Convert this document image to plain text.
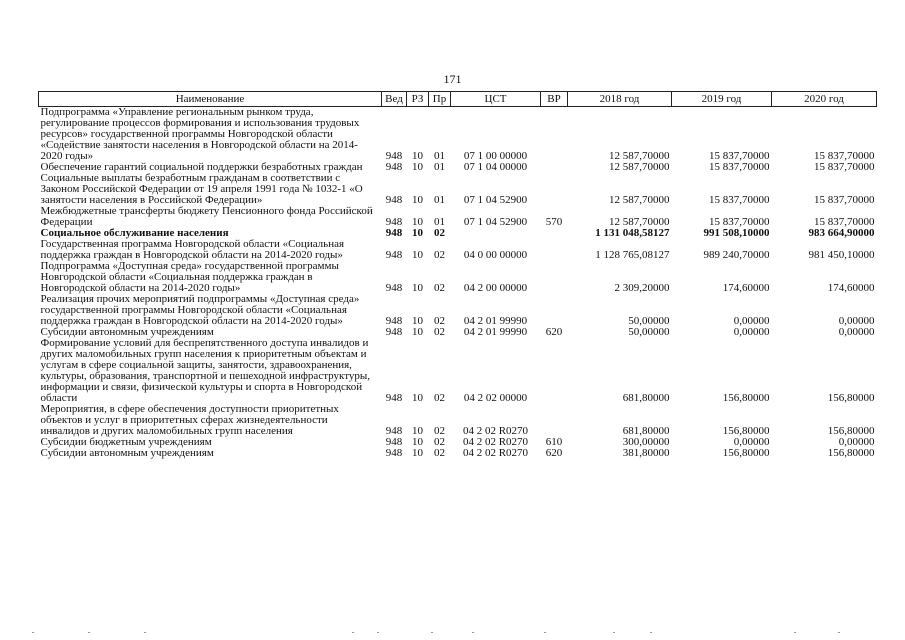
171
Наименование	Вед	РЗ	Пр	ЦСТ	ВР	2018 год	2019 год	2020 год
Подпрограмма «Управление региональным рынком труда, регулирование процессов формирования и использования трудовых ресурсов» государственной программы Новгородской области «Содействие занятости населения в Новгородской области на 2014-2020 годы»	948	10	01	07 1 00 00000		12 587,70000	15 837,70000	15 837,70000
Обеспечение гарантий социальной поддержки безработных граждан	948	10	01	07 1 04 00000		12 587,70000	15 837,70000	15 837,70000
Социальные выплаты безработным гражданам в соответствии с Законом Российской Федерации от 19 апреля 1991 года № 1032-1 «О занятости населения в Российской Федерации»	948	10	01	07 1 04 52900		12 587,70000	15 837,70000	15 837,70000
Межбюджетные трансферты бюджету Пенсионного фонда Российской Федерации	948	10	01	07 1 04 52900	570	12 587,70000	15 837,70000	15 837,70000
Социальное обслуживание населения	948	10	02			1 131 048,58127	991 508,10000	983 664,90000
Государственная программа Новгородской области «Социальная поддержка граждан в Новгородской области на 2014-2020 годы»	948	10	02	04 0 00 00000		1 128 765,08127	989 240,70000	981 450,10000
Подпрограмма «Доступная среда» государственной программы Новгородской области «Социальная поддержка граждан в Новгородской области на 2014-2020 годы»	948	10	02	04 2 00 00000		2 309,20000	174,60000	174,60000
Реализация прочих мероприятий подпрограммы «Доступная среда» государственной программы Новгородской области «Социальная поддержка граждан в Новгородской области на 2014-2020 годы»	948	10	02	04 2 01 99990		50,00000	0,00000	0,00000
Субсидии автономным учреждениям	948	10	02	04 2 01 99990	620	50,00000	0,00000	0,00000
Формирование условий для беспрепятственного доступа инвалидов и других маломобильных групп населения к приоритетным объектам и услугам в сфере социальной защиты, занятости, здравоохранения, культуры, образования, транспортной и пешеходной инфраструктуры, информации и связи, физической культуры и спорта в Новгородской области	948	10	02	04 2 02 00000		681,80000	156,80000	156,80000
Мероприятия, в сфере обеспечения доступности приоритетных объектов и услуг в приоритетных сферах жизнедеятельности инвалидов и других маломобильных групп населения	948	10	02	04 2 02 R0270		681,80000	156,80000	156,80000
Субсидии бюджетным учреждениям	948	10	02	04 2 02 R0270	610	300,00000	0,00000	0,00000
Субсидии автономным учреждениям	948	10	02	04 2 02 R0270	620	381,80000	156,80000	156,80000
